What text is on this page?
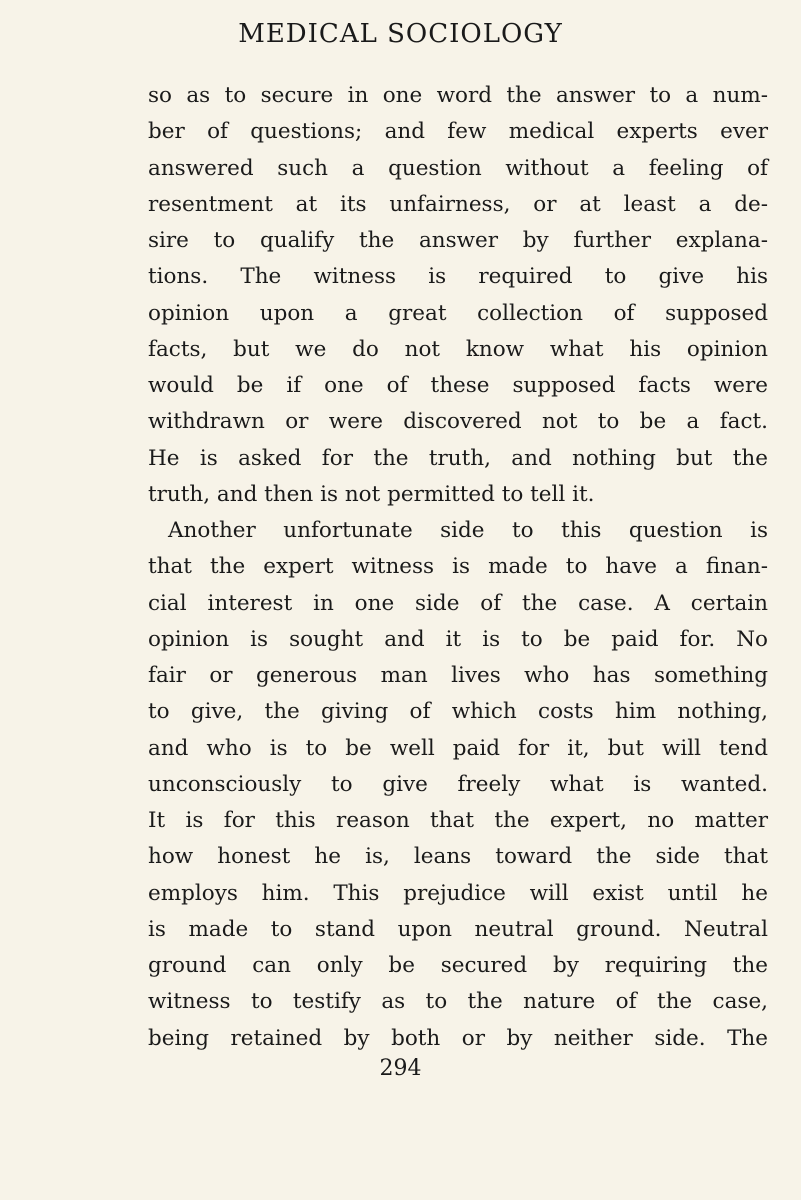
MEDICAL SOCIOLOGY
so as to secure in one word the answer to a num-
ber of questions; and few medical experts ever
answered such a question without a feeling of
resentment at its unfairness, or at least a de-
sire to qualify the answer by further explana-
tions. The witness is required to give his
opinion upon a great collection of supposed
facts, but we do not know what his opinion
would be if one of these supposed facts were
withdrawn or were discovered not to be a fact.
He is asked for the truth, and nothing but the
truth, and then is not permitted to tell it.
Another unfortunate side to this question is
that the expert witness is made to have a finan-
cial interest in one side of the case. A certain
opinion is sought and it is to be paid for. No
fair or generous man lives who has something
to give, the giving of which costs him nothing,
and who is to be well paid for it, but will tend
unconsciously to give freely what is wanted.
It is for this reason that the expert, no matter
how honest he is, leans toward the side that
employs him. This prejudice will exist until he
is made to stand upon neutral ground. Neutral
ground can only be secured by requiring the
witness to testify as to the nature of the case,
being retained by both or by neither side. The
294
